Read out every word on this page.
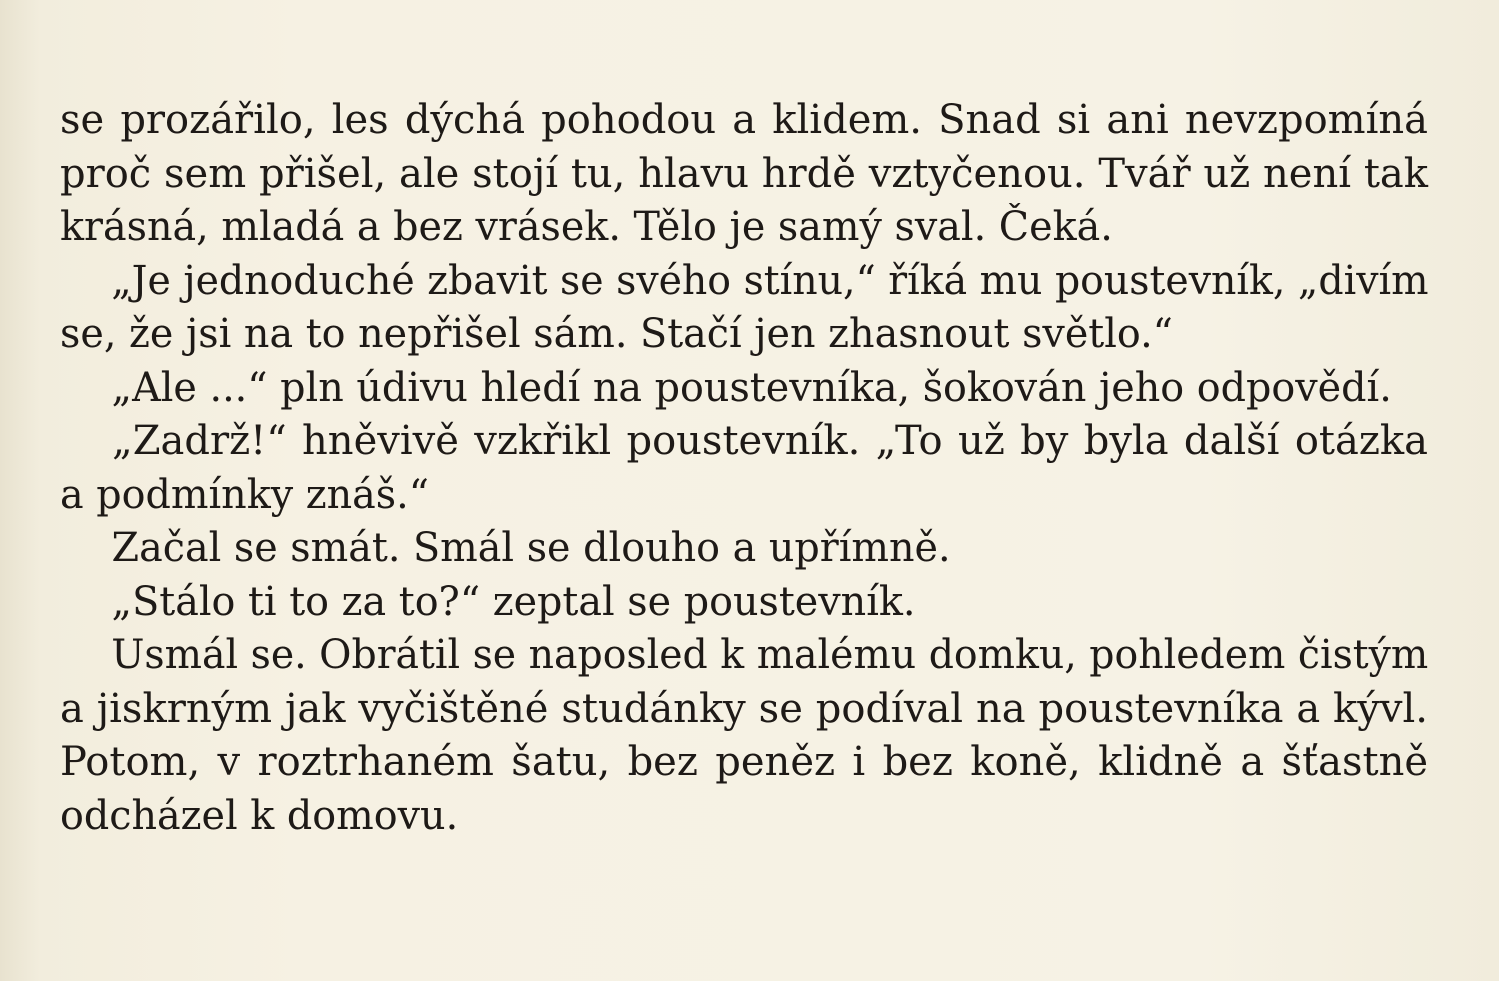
se prozářilo, les dýchá pohodou a klidem. Snad si ani nevzpomíná
proč sem přišel, ale stojí tu, hlavu hrdě vztyčenou. Tvář už není tak
krásná, mladá a bez vrásek. Tělo je samý sval. Čeká.
„Je jednoduché zbavit se svého stínu,“ říká mu poustevník, „divím
se, že jsi na to nepřišel sám. Stačí jen zhasnout světlo.“
„Ale ...“ pln údivu hledí na poustevníka, šokován jeho odpovědí.
„Zadrž!“ hněvivě vzkřikl poustevník. „To už by byla další otázka
a podmínky znáš.“
Začal se smát. Smál se dlouho a upřímně.
„Stálo ti to za to?“ zeptal se poustevník.
Usmál se. Obrátil se naposled k malému domku, pohledem čistým
a jiskrným jak vyčištěné studánky se podíval na poustevníka a kývl.
Potom, v roztrhaném šatu, bez peněz i bez koně, klidně a šťastně
odcházel k domovu.
